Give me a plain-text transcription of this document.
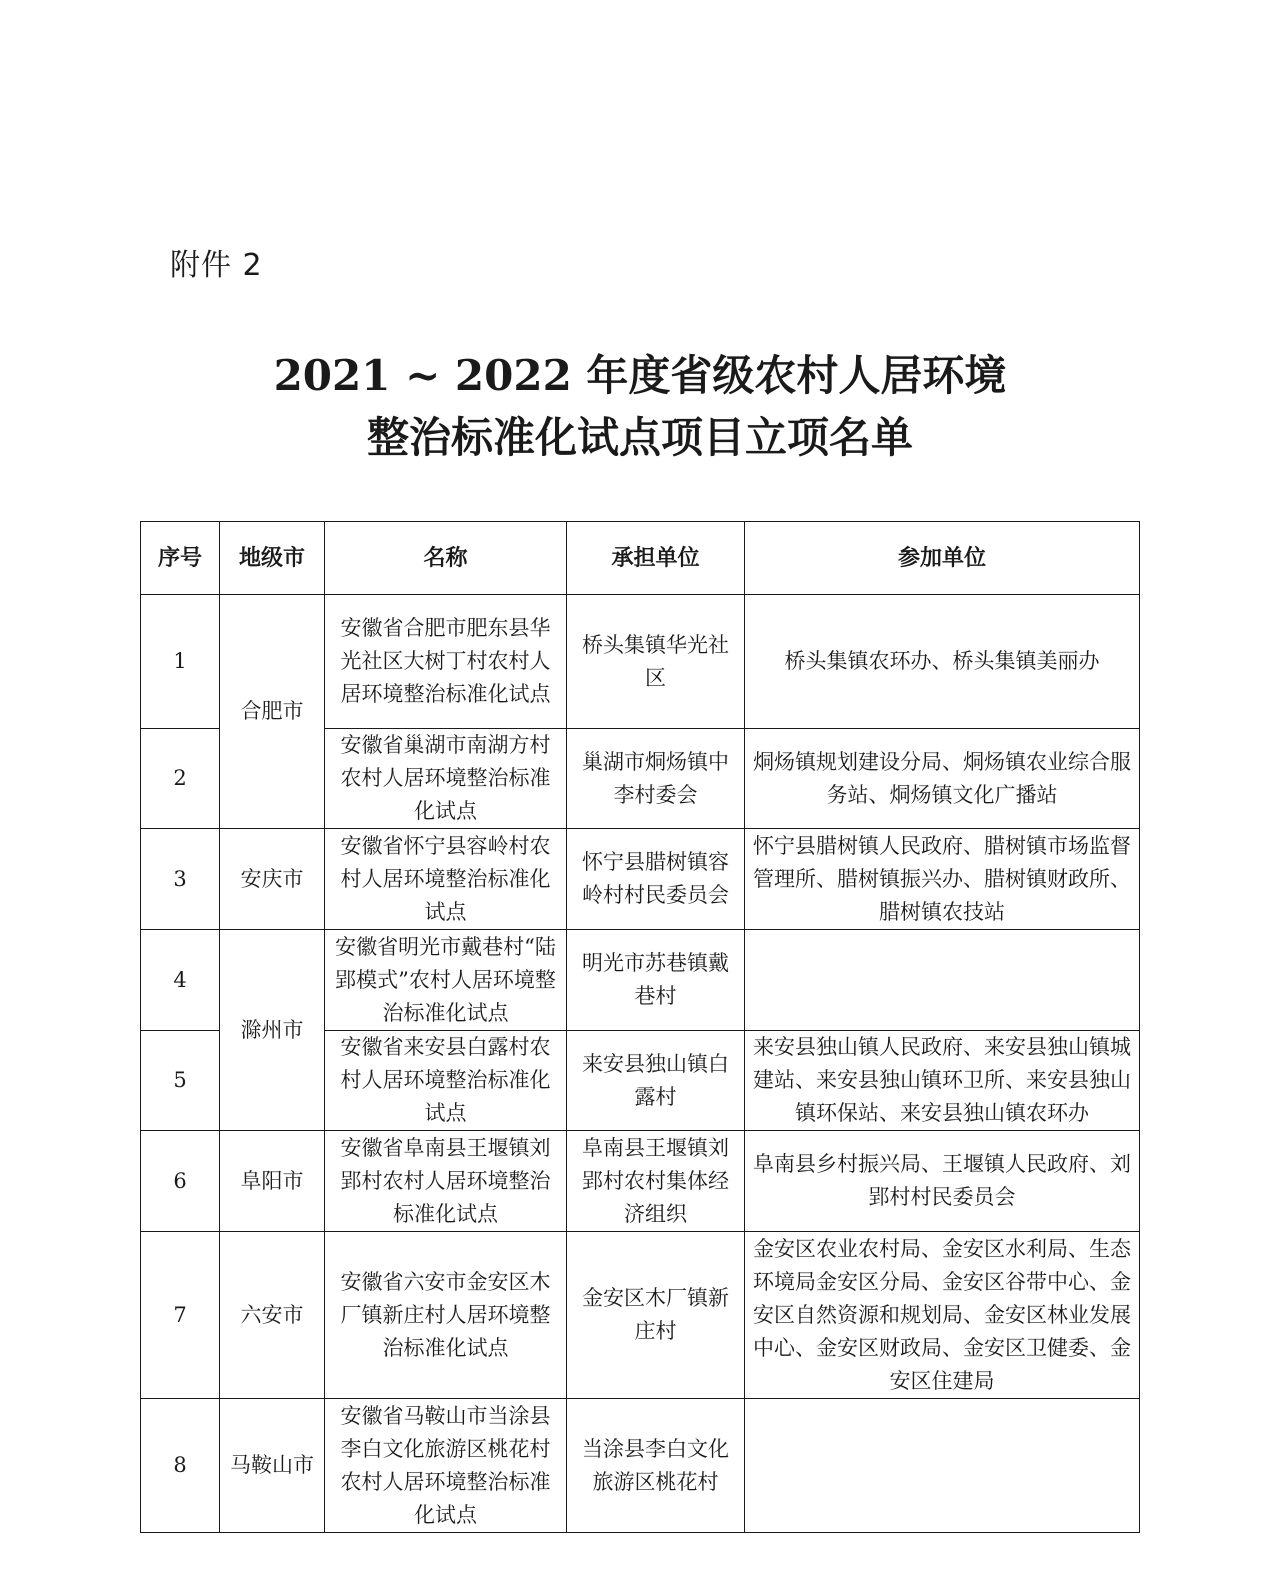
附件 2
2021 ~ 2022 年度省级农村人居环境
整治标准化试点项目立项名单
序号	地级市	名称	承担单位	参加单位
1	合肥市	安徽省合肥市肥东县华光社区大树丁村农村人居环境整治标准化试点	桥头集镇华光社区	桥头集镇农环办、桥头集镇美丽办
2		安徽省巢湖市南湖方村农村人居环境整治标准化试点	巢湖市烔炀镇中李村委会	烔炀镇规划建设分局、烔炀镇农业综合服务站、烔炀镇文化广播站
3	安庆市	安徽省怀宁县容岭村农村人居环境整治标准化试点	怀宁县腊树镇容岭村村民委员会	怀宁县腊树镇人民政府、腊树镇市场监督管理所、腊树镇振兴办、腊树镇财政所、腊树镇农技站
4	滁州市	安徽省明光市戴巷村“陆郢模式”农村人居环境整治标准化试点	明光市苏巷镇戴巷村	
5		安徽省来安县白露村农村人居环境整治标准化试点	来安县独山镇白露村	来安县独山镇人民政府、来安县独山镇城建站、来安县独山镇环卫所、来安县独山镇环保站、来安县独山镇农环办
6	阜阳市	安徽省阜南县王堰镇刘郢村农村人居环境整治标准化试点	阜南县王堰镇刘郢村农村集体经济组织	阜南县乡村振兴局、王堰镇人民政府、刘郢村村民委员会
7	六安市	安徽省六安市金安区木厂镇新庄村人居环境整治标准化试点	金安区木厂镇新庄村	金安区农业农村局、金安区水利局、生态环境局金安区分局、金安区谷带中心、金安区自然资源和规划局、金安区林业发展中心、金安区财政局、金安区卫健委、金安区住建局
8	马鞍山市	安徽省马鞍山市当涂县李白文化旅游区桃花村农村人居环境整治标准化试点	当涂县李白文化旅游区桃花村	
